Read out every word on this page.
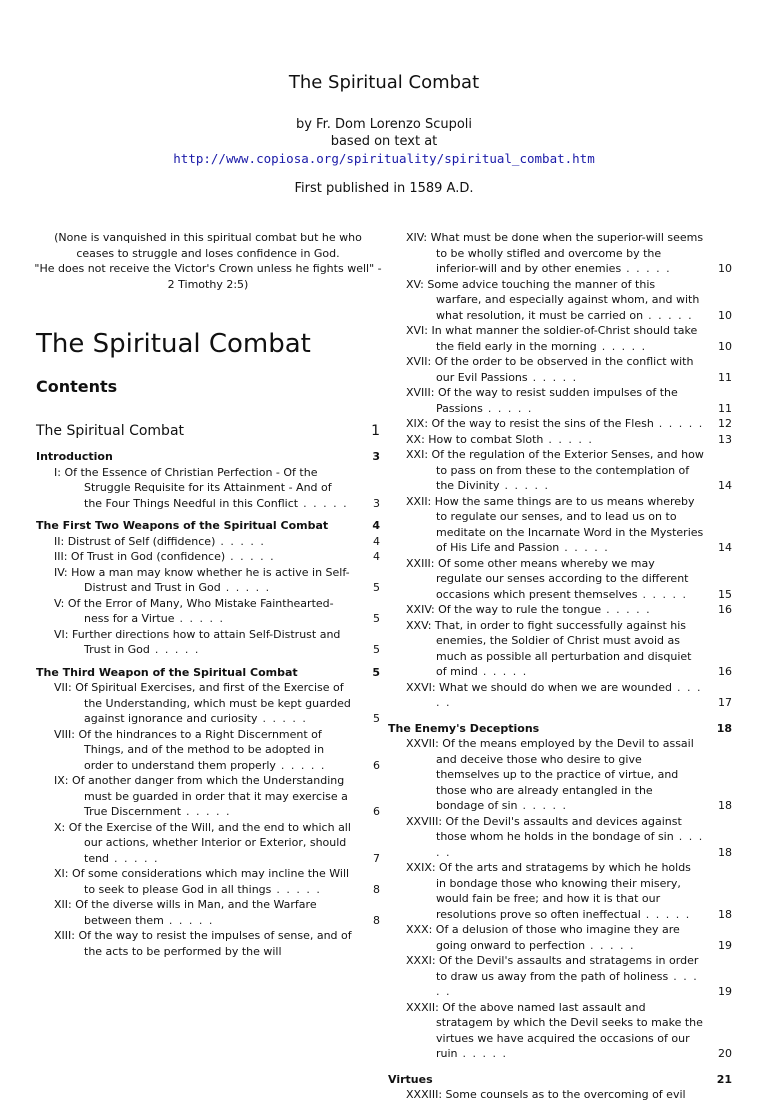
The Spiritual Combat
by Fr. Dom Lorenzo Scupoli
based on text at
http://www.copiosa.org/spirituality/spiritual_combat.htm
First published in 1589 A.D.
(None is vanquished in this spiritual combat but he who ceases to struggle and loses confidence in God.
"He does not receive the Victor's Crown unless he fights well" - 2 Timothy 2:5)
The Spiritual Combat
Contents
The Spiritual Combat	1
Introduction	3
I: Of the Essence of Christian Perfection - Of the Struggle Requisite for its Attainment - And of the Four Things Needful in this Conflict . . . . . 3
The First Two Weapons of the Spiritual Combat	4
II: Distrust of Self (diffidence) . . . . .	4
III: Of Trust in God (confidence) . . . . .	4
IV: How a man may know whether he is active in Self-Distrust and Trust in God . . . . .	5
V: Of the Error of Many, Who Mistake Fainthearted-ness for a Virtue . . . . .	5
VI: Further directions how to attain Self-Distrust and Trust in God . . . . .	5
The Third Weapon of the Spiritual Combat	5
VII: Of Spiritual Exercises, and first of the Exercise of the Understanding, which must be kept guarded against ignorance and curiosity . . . . .	5
VIII: Of the hindrances to a Right Discernment of Things, and of the method to be adopted in order to understand them properly . . . . .	6
IX: Of another danger from which the Understanding must be guarded in order that it may exercise a True Discernment . . . . .	6
X: Of the Exercise of the Will, and the end to which all our actions, whether Interior or Exterior, should tend . . . . .	7
XI: Of some considerations which may incline the Will to seek to please God in all things . . . . .	8
XII: Of the diverse wills in Man, and the Warfare between them . . . . .	8
XIII: Of the way to resist the impulses of sense, and of the acts to be performed by the will
XIV: What must be done when the superior-will seems to be wholly stifled and overcome by the inferior-will and by other enemies . . . . .	10
XV: Some advice touching the manner of this warfare, and especially against whom, and with what resolution, it must be carried on . . . . . 10
XVI: In what manner the soldier-of-Christ should take the field early in the morning . . . . .	10
XVII: Of the order to be observed in the conflict with our Evil Passions . . . . .	11
XVIII: Of the way to resist sudden impulses of the Passions . . . . .	11
XIX: Of the way to resist the sins of the Flesh . . . . . 12
XX: How to combat Sloth . . . . .	13
XXI: Of the regulation of the Exterior Senses, and how to pass on from these to the contemplation of the Divinity . . . . .	14
XXII: How the same things are to us means whereby to regulate our senses, and to lead us on to meditate on the Incarnate Word in the Mysteries of His Life and Passion . . . . .	14
XXIII: Of some other means whereby we may regulate our senses according to the different occasions which present themselves . . . . .	15
XXIV: Of the way to rule the tongue . . . . .	16
XXV: That, in order to fight successfully against his enemies, the Soldier of Christ must avoid as much as possible all perturbation and disquiet of mind . . . . .	16
XXVI: What we should do when we are wounded . . . . .	17
The Enemy's Deceptions	18
XXVII: Of the means employed by the Devil to assail and deceive those who desire to give themselves up to the practice of virtue, and those who are already entangled in the bondage of sin . . . . .	18
XXVIII: Of the Devil's assaults and devices against those whom he holds in the bondage of sin . . . . .	18
XXIX: Of the arts and stratagems by which he holds in bondage those who knowing their misery, would fain be free; and how it is that our resolutions prove so often ineffectual . . . . . 18
XXX: Of a delusion of those who imagine they are going onward to perfection . . . . .	19
XXXI: Of the Devil's assaults and stratagems in order to draw us away from the path of holiness . . . . .	19
XXXII: Of the above named last assault and stratagem by which the Devil seeks to make the virtues we have acquired the occasions of our ruin . . . . .	20
Virtues	21
XXXIII: Some counsels as to the overcoming of evil
